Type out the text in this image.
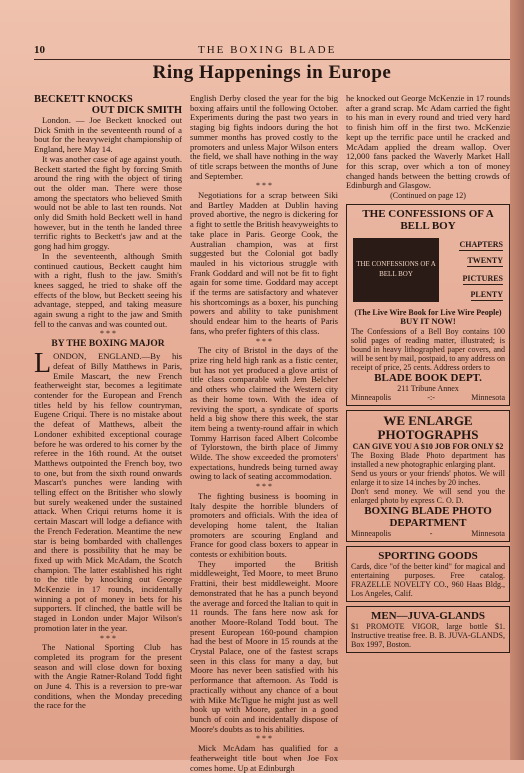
10	THE BOXING BLADE
Ring Happenings in Europe
BECKETT KNOCKS
OUT DICK SMITH

London. — Joe Beckett knocked out Dick Smith in the seventeenth round of a bout for the heavyweight championship of England, here May 14.

It was another case of age against youth. Beckett started the fight by forcing Smith around the ring with the object of tiring out the older man. There were those among the spectators who believed Smith would not be able to last ten rounds. Not only did Smith hold Beckett well in hand however, but in the tenth he landed three terrific rights to Beckett's jaw and at the gong had him groggy.

In the seventeenth, although Smith continued cautious, Beckett caught him with a right, flush to the jaw. Smith's knees sagged, he tried to shake off the effects of the blow, but Beckett seeing his advantage, stepped, and taking measure again swung a right to the jaw and Smith fell to the canvas and was counted out.

* * *
BY THE BOXING MAJOR
L ONDON, ENGLAND.—By his defeat of Billy Matthews in Paris, Emile Mascart, the new French featherweight star, becomes a legitimate contender for the European and French titles held by his fellow countryman, Eugene Criqui. There is no mistake about the defeat of Matthews, albeit the Londoner exhibited exceptional courage before he was ordered to his corner by the referee in the 16th round. At the outset Matthews outpointed the French boy, two to one, but from the sixth round onwards Mascart's punches were landing with telling effect on the Britisher who slowly but surely weakened under the sustained attack. When Criqui returns home it is certain Mascart will lodge a defiance with the French Federation. Meantime the new star is being bombarded with challenges and there is possibility that he may be fixed up with Mick McAdam, the Scotch champion. The latter established his right to the title by knocking out George McKenzie in 17 rounds, incidentally winning a pot of money in bets for his supporters. If clinched, the battle will be staged in London under Major Wilson's promotion later in the year.
* * *

The National Sporting Club has completed its program for the present season and will close down for boxing with the Angie Ratner-Roland Todd fight on June 4. This is a reversion to pre-war conditions, when the Monday preceding the race for the

English Derby closed the year for the big boxing affairs until the following October. Experiments during the past two years in staging big fights indoors during the hot summer months has proved costly to the promoters and unless Major Wilson enters the field, we shall have nothing in the way of title scraps between the months of June and September.

* * *

Negotiations for a scrap between Siki and Bartley Madden at Dublin having proved abortive, the negro is dickering for a fight to settle the British heavyweights to take place in Paris. George Cook, the Australian champion, was at first suggested but the Colonial got badly mauled in his victorious struggle with Frank Goddard and will not be fit to fight again for some time. Goddard may accept if the terms are satisfactory and whatever his shortcomings as a boxer, his punching powers and ability to take punishment should endear him to the hearts of Paris fans, who prefer fighters of this class.

* * *

The city of Bristol in the days of the prize ring held high rank as a fistic center, but has not yet produced a glove artist of title class comparable with Jem Belcher and others who claimed the Western city as their home town. With the idea of reviving the sport, a syndicate of sports held a big show there this week, the star item being a twenty-round affair in which Tommy Harrison faced Albert Colcombe of Tylorstown, the birth place of Jimmy Wilde. The show exceeded the promoters' expectations, hundreds being turned away owing to lack of seating accommodation.

* * *

The fighting business is booming in Italy despite the horrible blunders of promoters and officials. With the idea of developing home talent, the Italian promoters are scouring England and France for good class boxers to appear in contests or exhibition bouts.

They imported the British middleweight, Ted Moore, to meet Bruno Frattini, their best middleweight. Moore demonstrated that he has a punch beyond the average and forced the Italian to quit in 11 rounds. The fans here now ask for another Moore-Roland Todd bout. The present European 160-pound champion had the best of Moore in 15 rounds at the Crystal Palace, one of the fastest scraps seen in this class for many a day, but Moore has never been satisfied with his performance that afternoon. As Todd is practically without any chance of a bout with Mike McTigue he might just as well hook up with Moore, gather in a good bunch of coin and incidentally dispose of Moore's doubts as to his abilities.

* * *

Mick McAdam has qualified for a featherweight title bout when Joe Fox comes home. Up at Edinburgh

he knocked out George McKenzie in 17 rounds after a grand scrap. Mc Adam carried the fight to his man in every round and tried very hard to finish him off in the first two. McKenzie kept up the terrific pace until he cracked and McAdam applied the dream wallop. Over 12,000 fans packed the Waverly Market Hall for this scrap, over which a ton of money changed hands between the betting crowds of Edinburgh and Glasgow.

(Continued on page 12)
THE CONFESSIONS OF A BELL BOY
THE CONFESSIONS OF A BELL BOY
CHAPTERS
TWENTY
PICTURES
PLENTY
(The Live Wire Book for Live Wire People)
BUY IT NOW!
The Confessions of a Bell Boy contains 100 solid pages of reading matter, illustrated; is bound in heavy lithographed paper covers, and will be sent by mail, postpaid, to any address on receipt of price, 25 cents. Address orders to
BLADE BOOK DEPT.
211 Tribune Annex
Minneapolis	-:-	Minnesota
WE ENLARGE PHOTOGRAPHS
CAN GIVE YOU A $10 JOB FOR ONLY $2
The Boxing Blade Photo department has installed a new photographic enlarging plant.
Send us yours or your friends' photos. We will enlarge it to size 14 inches by 20 inches.
Don't send money. We will send you the enlarged photo by express C. O. D.
BOXING BLADE PHOTO DEPARTMENT
Minneapolis	-	Minnesota
SPORTING GOODS
Cards, dice "of the better kind" for magical and entertaining purposes. Free catalog. FRAZELLE NOVELTY CO., 960 Haas Bldg., Los Angeles, Calif.
MEN—JUVA-GLANDS
$1 PROMOTE VIGOR, large bottle $1. Instructive treatise free. B. B. JUVA-GLANDS, Box 1997, Boston.
